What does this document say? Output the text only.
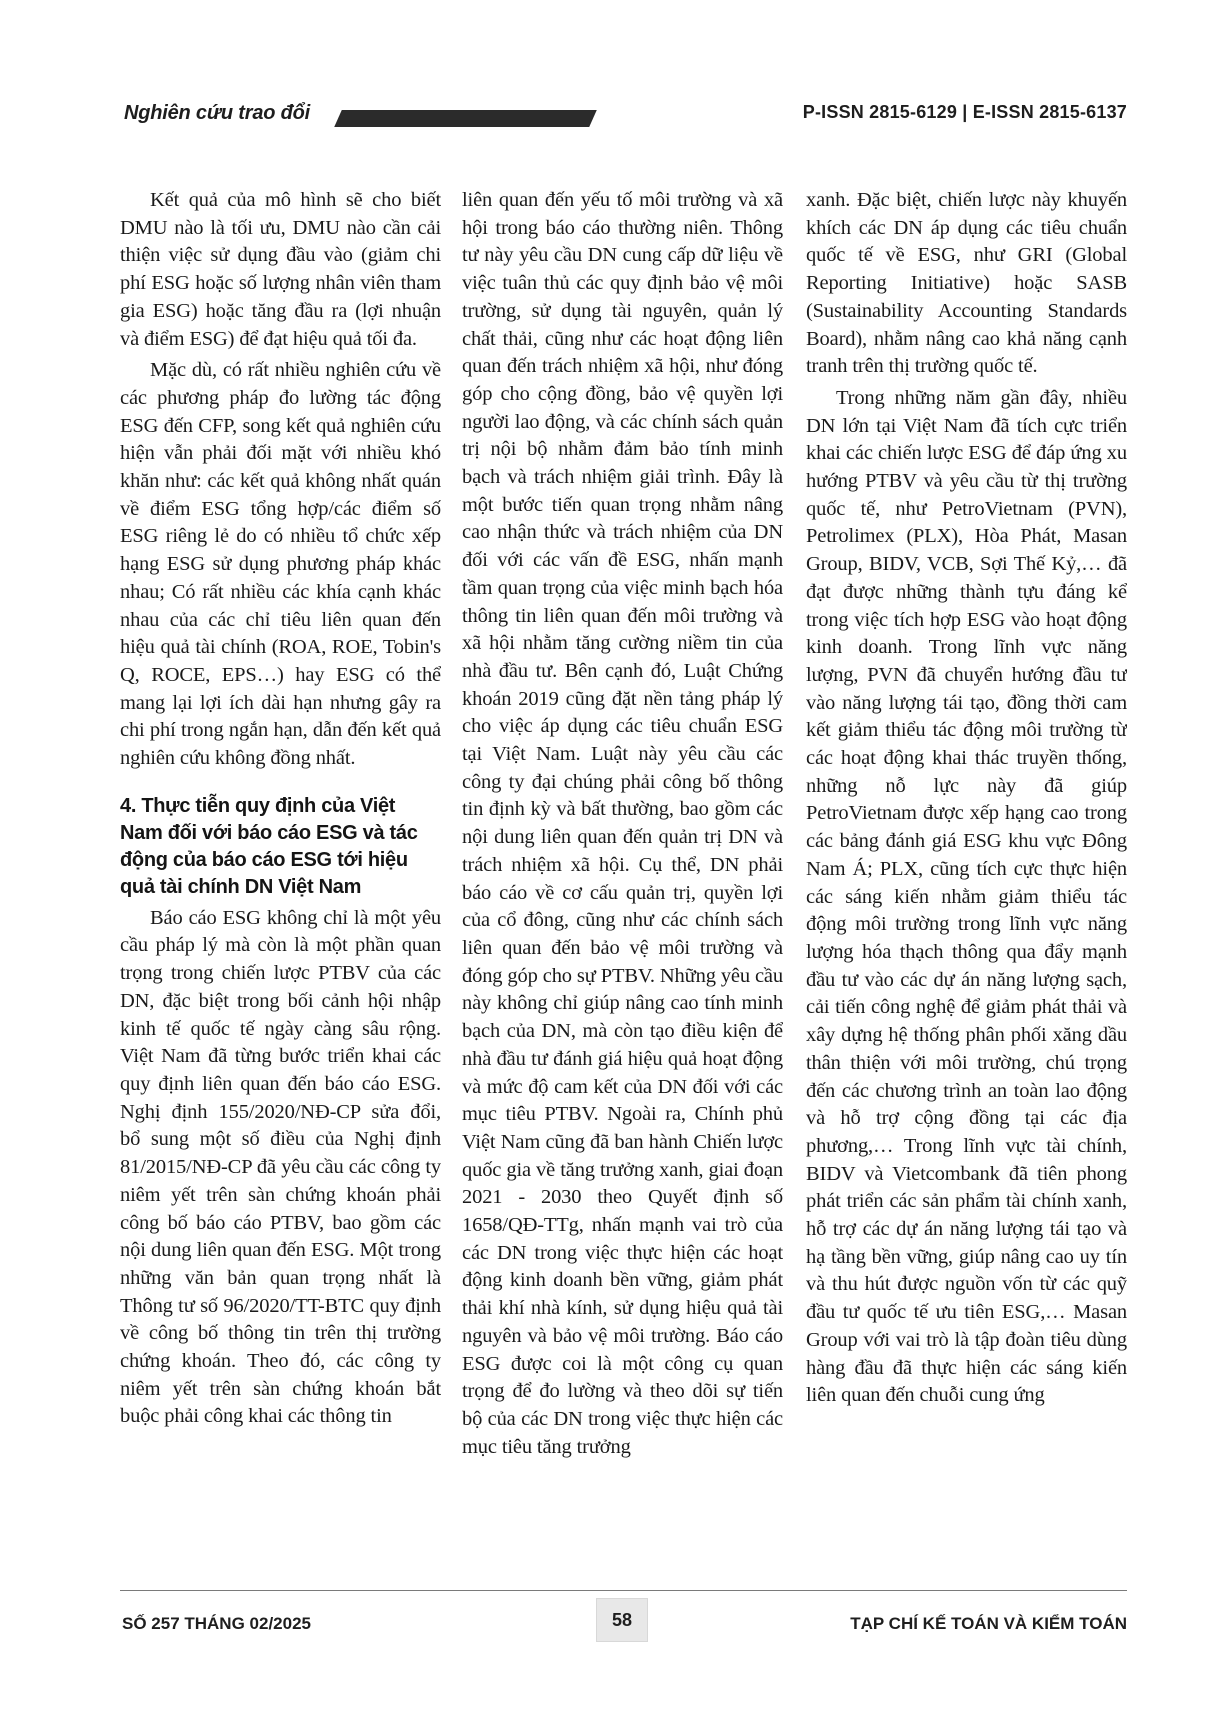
Nghiên cứu trao đổi	P-ISSN 2815-6129 | E-ISSN 2815-6137

Kết quả của mô hình sẽ cho biết DMU nào là tối ưu, DMU nào cần cải thiện việc sử dụng đầu vào (giảm chi phí ESG hoặc số lượng nhân viên tham gia ESG) hoặc tăng đầu ra (lợi nhuận và điểm ESG) để đạt hiệu quả tối đa.

Mặc dù, có rất nhiều nghiên cứu về các phương pháp đo lường tác động ESG đến CFP, song kết quả nghiên cứu hiện vẫn phải đối mặt với nhiều khó khăn như: các kết quả không nhất quán về điểm ESG tổng hợp/các điểm số ESG riêng lẻ do có nhiều tổ chức xếp hạng ESG sử dụng phương pháp khác nhau; Có rất nhiều các khía cạnh khác nhau của các chỉ tiêu liên quan đến hiệu quả tài chính (ROA, ROE, Tobin's Q, ROCE, EPS…) hay ESG có thể mang lại lợi ích dài hạn nhưng gây ra chi phí trong ngắn hạn, dẫn đến kết quả nghiên cứu không đồng nhất.

4. Thực tiễn quy định của Việt Nam đối với báo cáo ESG và tác động của báo cáo ESG tới hiệu quả tài chính DN Việt Nam

Báo cáo ESG không chỉ là một yêu cầu pháp lý mà còn là một phần quan trọng trong chiến lược PTBV của các DN, đặc biệt trong bối cảnh hội nhập kinh tế quốc tế ngày càng sâu rộng. Việt Nam đã từng bước triển khai các quy định liên quan đến báo cáo ESG. Nghị định 155/2020/NĐ-CP sửa đổi, bổ sung một số điều của Nghị định 81/2015/NĐ-CP đã yêu cầu các công ty niêm yết trên sàn chứng khoán phải công bố báo cáo PTBV, bao gồm các nội dung liên quan đến ESG. Một trong những văn bản quan trọng nhất là Thông tư số 96/2020/TT-BTC quy định về công bố thông tin trên thị trường chứng khoán. Theo đó, các công ty niêm yết trên sàn chứng khoán bắt buộc phải công khai các thông tin

liên quan đến yếu tố môi trường và xã hội trong báo cáo thường niên. Thông tư này yêu cầu DN cung cấp dữ liệu về việc tuân thủ các quy định bảo vệ môi trường, sử dụng tài nguyên, quản lý chất thải, cũng như các hoạt động liên quan đến trách nhiệm xã hội, như đóng góp cho cộng đồng, bảo vệ quyền lợi người lao động, và các chính sách quản trị nội bộ nhằm đảm bảo tính minh bạch và trách nhiệm giải trình. Đây là một bước tiến quan trọng nhằm nâng cao nhận thức và trách nhiệm của DN đối với các vấn đề ESG, nhấn mạnh tầm quan trọng của việc minh bạch hóa thông tin liên quan đến môi trường và xã hội nhằm tăng cường niềm tin của nhà đầu tư. Bên cạnh đó, Luật Chứng khoán 2019 cũng đặt nền tảng pháp lý cho việc áp dụng các tiêu chuẩn ESG tại Việt Nam. Luật này yêu cầu các công ty đại chúng phải công bố thông tin định kỳ và bất thường, bao gồm các nội dung liên quan đến quản trị DN và trách nhiệm xã hội. Cụ thể, DN phải báo cáo về cơ cấu quản trị, quyền lợi của cổ đông, cũng như các chính sách liên quan đến bảo vệ môi trường và đóng góp cho sự PTBV. Những yêu cầu này không chỉ giúp nâng cao tính minh bạch của DN, mà còn tạo điều kiện để nhà đầu tư đánh giá hiệu quả hoạt động và mức độ cam kết của DN đối với các mục tiêu PTBV. Ngoài ra, Chính phủ Việt Nam cũng đã ban hành Chiến lược quốc gia về tăng trưởng xanh, giai đoạn 2021 - 2030 theo Quyết định số 1658/QĐ-TTg, nhấn mạnh vai trò của các DN trong việc thực hiện các hoạt động kinh doanh bền vững, giảm phát thải khí nhà kính, sử dụng hiệu quả tài nguyên và bảo vệ môi trường. Báo cáo ESG được coi là một công cụ quan trọng để đo lường và theo dõi sự tiến bộ của các DN trong việc thực hiện các mục tiêu tăng trưởng

xanh. Đặc biệt, chiến lược này khuyến khích các DN áp dụng các tiêu chuẩn quốc tế về ESG, như GRI (Global Reporting Initiative) hoặc SASB (Sustainability Accounting Standards Board), nhằm nâng cao khả năng cạnh tranh trên thị trường quốc tế.

Trong những năm gần đây, nhiều DN lớn tại Việt Nam đã tích cực triển khai các chiến lược ESG để đáp ứng xu hướng PTBV và yêu cầu từ thị trường quốc tế, như PetroVietnam (PVN), Petrolimex (PLX), Hòa Phát, Masan Group, BIDV, VCB, Sợi Thế Kỷ,… đã đạt được những thành tựu đáng kể trong việc tích hợp ESG vào hoạt động kinh doanh. Trong lĩnh vực năng lượng, PVN đã chuyển hướng đầu tư vào năng lượng tái tạo, đồng thời cam kết giảm thiểu tác động môi trường từ các hoạt động khai thác truyền thống, những nỗ lực này đã giúp PetroVietnam được xếp hạng cao trong các bảng đánh giá ESG khu vực Đông Nam Á; PLX, cũng tích cực thực hiện các sáng kiến nhằm giảm thiểu tác động môi trường trong lĩnh vực năng lượng hóa thạch thông qua đẩy mạnh đầu tư vào các dự án năng lượng sạch, cải tiến công nghệ để giảm phát thải và xây dựng hệ thống phân phối xăng dầu thân thiện với môi trường, chú trọng đến các chương trình an toàn lao động và hỗ trợ cộng đồng tại các địa phương,… Trong lĩnh vực tài chính, BIDV và Vietcombank đã tiên phong phát triển các sản phẩm tài chính xanh, hỗ trợ các dự án năng lượng tái tạo và hạ tầng bền vững, giúp nâng cao uy tín và thu hút được nguồn vốn từ các quỹ đầu tư quốc tế ưu tiên ESG,… Masan Group với vai trò là tập đoàn tiêu dùng hàng đầu đã thực hiện các sáng kiến liên quan đến chuỗi cung ứng

SỐ 257 THÁNG 02/2025	58	TẠP CHÍ KẾ TOÁN VÀ KIỂM TOÁN
